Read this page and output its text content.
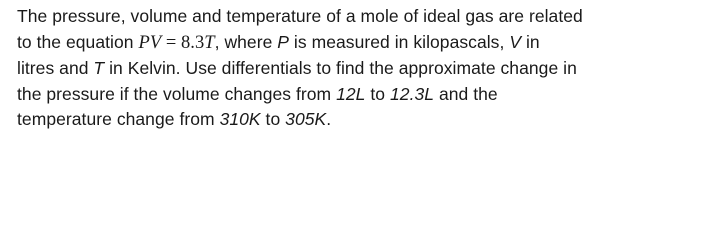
The pressure, volume and temperature of a mole of ideal gas are related
to the equation PV = 8.3T, where P is measured in kilopascals, V in
litres and T in Kelvin. Use differentials to find the approximate change in
the pressure if the volume changes from 12L to 12.3L and the
temperature change from 310K to 305K.
